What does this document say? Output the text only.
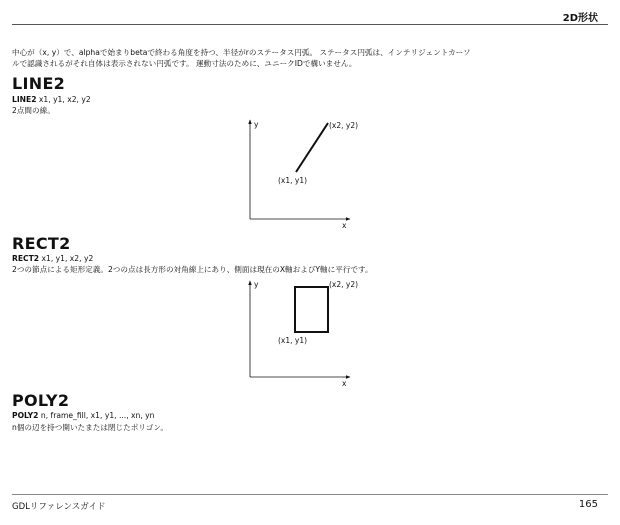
2D形状
中心が（x, y）で、alphaで始まりbetaで終わる角度を持つ、半径がrのステータス円弧。 ステータス円弧は、インテリジェントカーソ
ルで認識されるがそれ自体は表示されない円弧です。 運動寸法のために、ユニークIDで構いません。
LINE2

LINE2 x1, y1, x2, y2

2点間の線。

y
x
(x1, y1)
(x2, y2)
RECT2

RECT2 x1, y1, x2, y2

2つの節点による矩形定義。2つの点は長方形の対角線上にあり、側面は現在のX軸およびY軸に平行です。

y
x
(x1, y1)
(x2, y2)
POLY2

POLY2 n, frame_fill, x1, y1, ..., xn, yn

n個の辺を持つ開いたまたは閉じたポリゴン。

GDLリファレンスガイド	165
